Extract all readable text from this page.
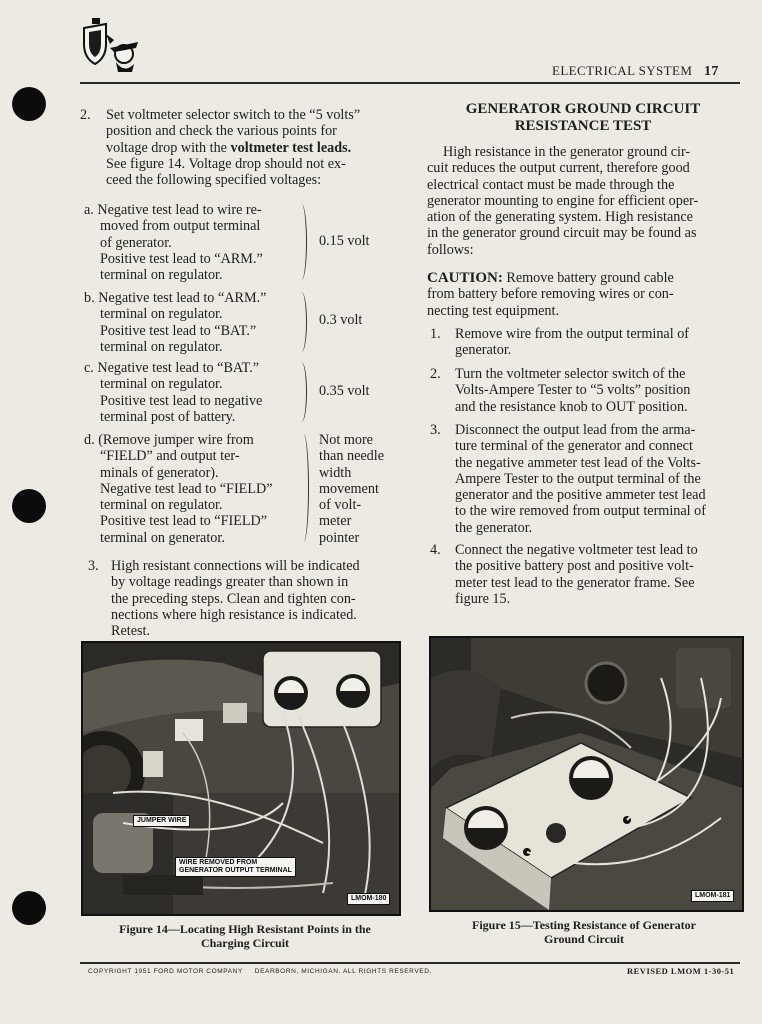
ELECTRICAL SYSTEM 17
2. Set voltmeter selector switch to the “5 volts”
position and check the various points for
voltage drop with the voltmeter test leads.
See figure 14. Voltage drop should not ex-
ceed the following specified voltages:
a. Negative test lead to wire re-
moved from output terminal
of generator.
Positive test lead to “ARM.”
terminal on regulator.
0.15 volt
b. Negative test lead to “ARM.”
terminal on regulator.
Positive test lead to “BAT.”
terminal on regulator.
0.3 volt
c. Negative test lead to “BAT.”
terminal on regulator.
Positive test lead to negative
terminal post of battery.
0.35 volt
d. (Remove jumper wire from
“FIELD” and output ter-
minals of generator).
Negative test lead to “FIELD”
terminal on regulator.
Positive test lead to “FIELD”
terminal on generator.
Not more
than needle
width
movement
of volt-
meter
pointer
3. High resistant connections will be indicated
by voltage readings greater than shown in
the preceding steps. Clean and tighten con-
nections where high resistance is indicated.
Retest.
GENERATOR GROUND CIRCUIT
RESISTANCE TEST
High resistance in the generator ground cir-
cuit reduces the output current, therefore good
electrical contact must be made through the
generator mounting to engine for efficient oper-
ation of the generating system. High resistance
in the generator ground circuit may be found as
follows:
CAUTION: Remove battery ground cable
from battery before removing wires or con-
necting test equipment.
1. Remove wire from the output terminal of
generator.
2. Turn the voltmeter selector switch of the
Volts-Ampere Tester to “5 volts” position
and the resistance knob to OUT position.
3. Disconnect the output lead from the arma-
ture terminal of the generator and connect
the negative ammeter test lead of the Volts-
Ampere Tester to the output terminal of the
generator and the positive ammeter test lead
to the wire removed from output terminal of
the generator.
4. Connect the negative voltmeter test lead to
the positive battery post and positive volt-
meter test lead to the generator frame. See
figure 15.
JUMPER WIRE
WIRE REMOVED FROM
GENERATOR OUTPUT TERMINAL
LMOM-180	LMOM-181
Figure 14—Locating High Resistant Points in the
Charging Circuit
Figure 15—Testing Resistance of Generator
Ground Circuit
COPYRIGHT 1951 FORD MOTOR COMPANY     DEARBORN, MICHIGAN. ALL RIGHTS RESERVED.	REVISED LMOM 1-30-51
